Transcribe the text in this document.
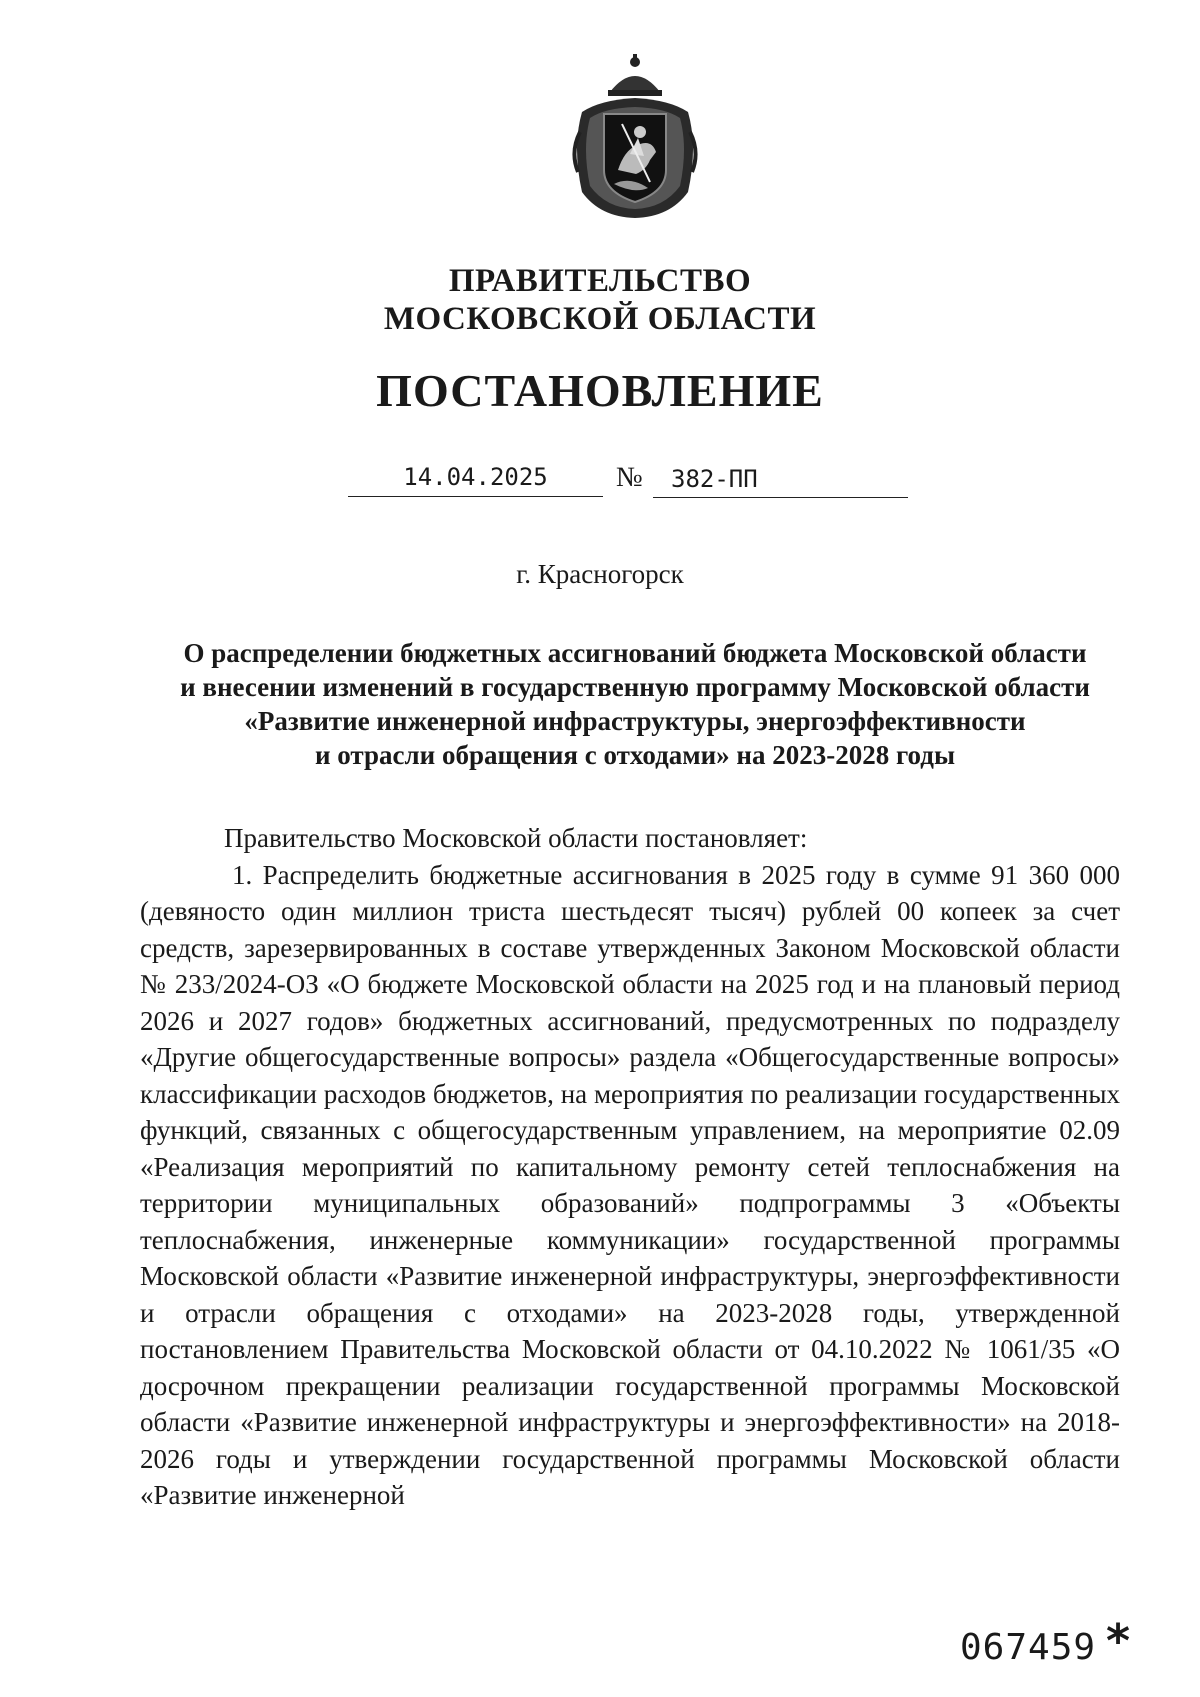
ПРАВИТЕЛЬСТВО
МОСКОВСКОЙ ОБЛАСТИ
ПОСТАНОВЛЕНИЕ
14.04.2025	№	382-ПП
г. Красногорск
О распределении бюджетных ассигнований бюджета Московской области
и внесении изменений в государственную программу Московской области
«Развитие инженерной инфраструктуры, энергоэффективности
и отрасли обращения с отходами» на 2023-2028 годы

Правительство Московской области постановляет:

1. Распределить бюджетные ассигнования в 2025 году в сумме 91 360 000 (девяносто один миллион триста шестьдесят тысяч) рублей 00 копеек за счет средств, зарезервированных в составе утвержденных Законом Московской области № 233/2024-ОЗ «О бюджете Московской области на 2025 год и на плановый период 2026 и 2027 годов» бюджетных ассигнований, предусмотренных по подразделу «Другие общегосударственные вопросы» раздела «Общегосударственные вопросы» классификации расходов бюджетов, на мероприятия по реализации государственных функций, связанных с общегосударственным управлением, на мероприятие 02.09 «Реализация мероприятий по капитальному ремонту сетей теплоснабжения на территории муниципальных образований» подпрограммы 3 «Объекты теплоснабжения, инженерные коммуникации» государственной программы Московской области «Развитие инженерной инфраструктуры, энергоэффективности и отрасли обращения с отходами» на 2023-2028 годы, утвержденной постановлением Правительства Московской области от 04.10.2022 № 1061/35 «О досрочном прекращении реализации государственной программы Московской области «Развитие инженерной инфраструктуры и энергоэффективности» на 2018-2026 годы и утверждении государственной программы Московской области «Развитие инженерной

067459 *
